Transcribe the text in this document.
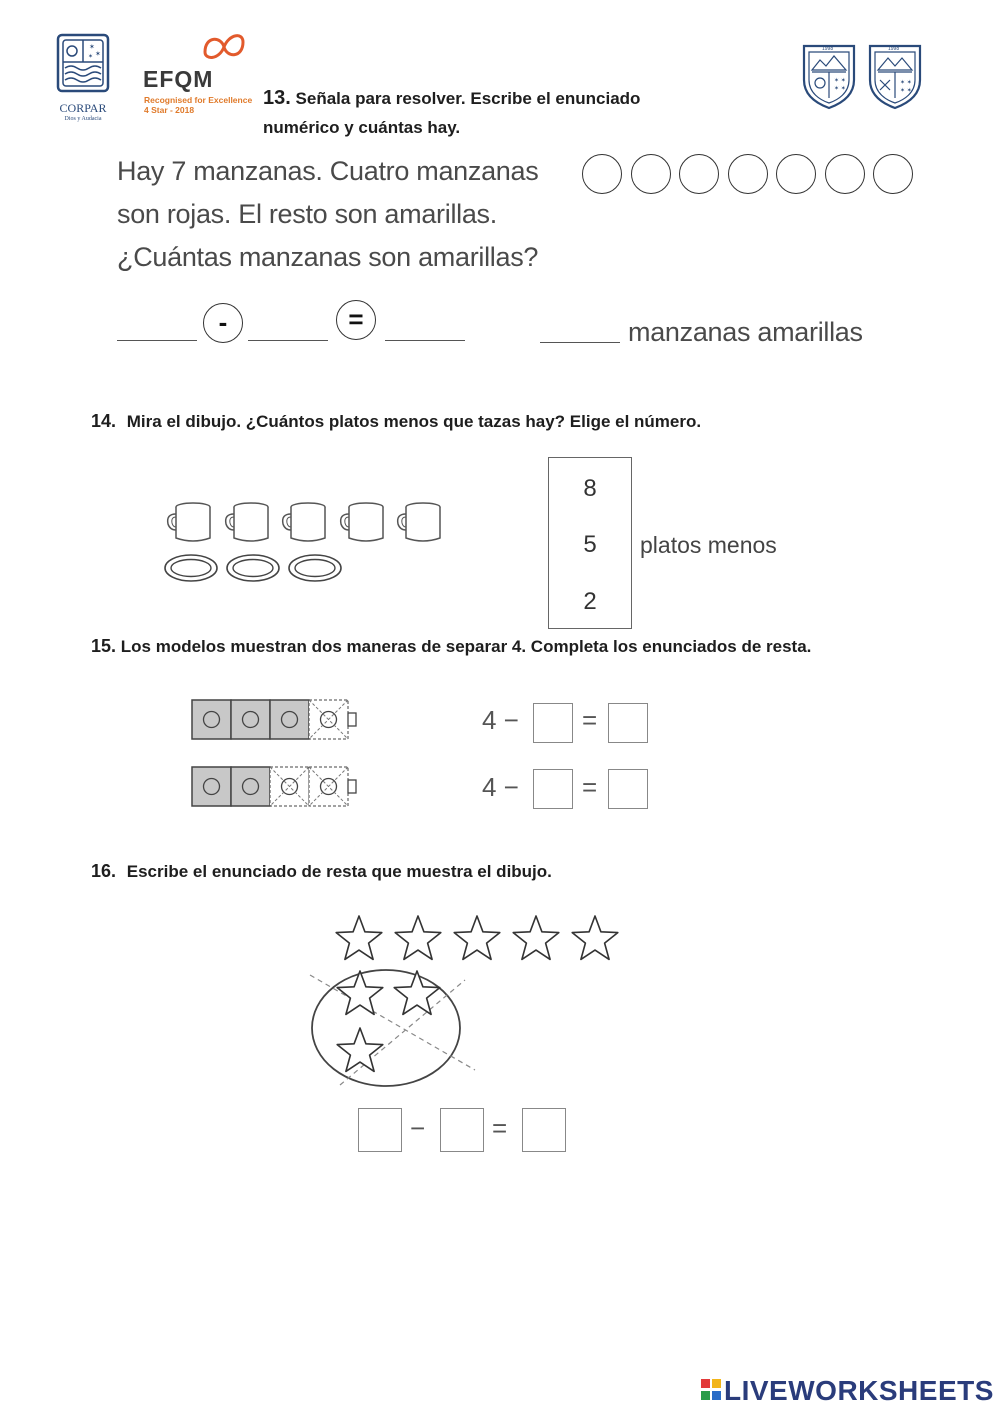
✶
✶
✶
CORPAR
Dios y Audacia
EFQM
Recognised for Excellence
4 Star - 2018
1998
✶ ✶
✶ ✶
1998
✶ ✶
✶ ✶
13. Señala para resolver. Escribe el enunciado
numérico y cuántas hay.
Hay 7 manzanas. Cuatro manzanas
son rojas. El resto son amarillas.
¿Cuántas manzanas son amarillas?
-	=	manzanas amarillas
14. Mira el dibujo. ¿Cuántos platos menos que tazas hay? Elige el número.
8
5
2
platos menos
15. Los modelos muestran dos maneras de separar 4. Completa los enunciados de resta.
4 − =
4 − =
16. Escribe el enunciado de resta que muestra el dibujo.
−	=
LIVEWORKSHEETS
